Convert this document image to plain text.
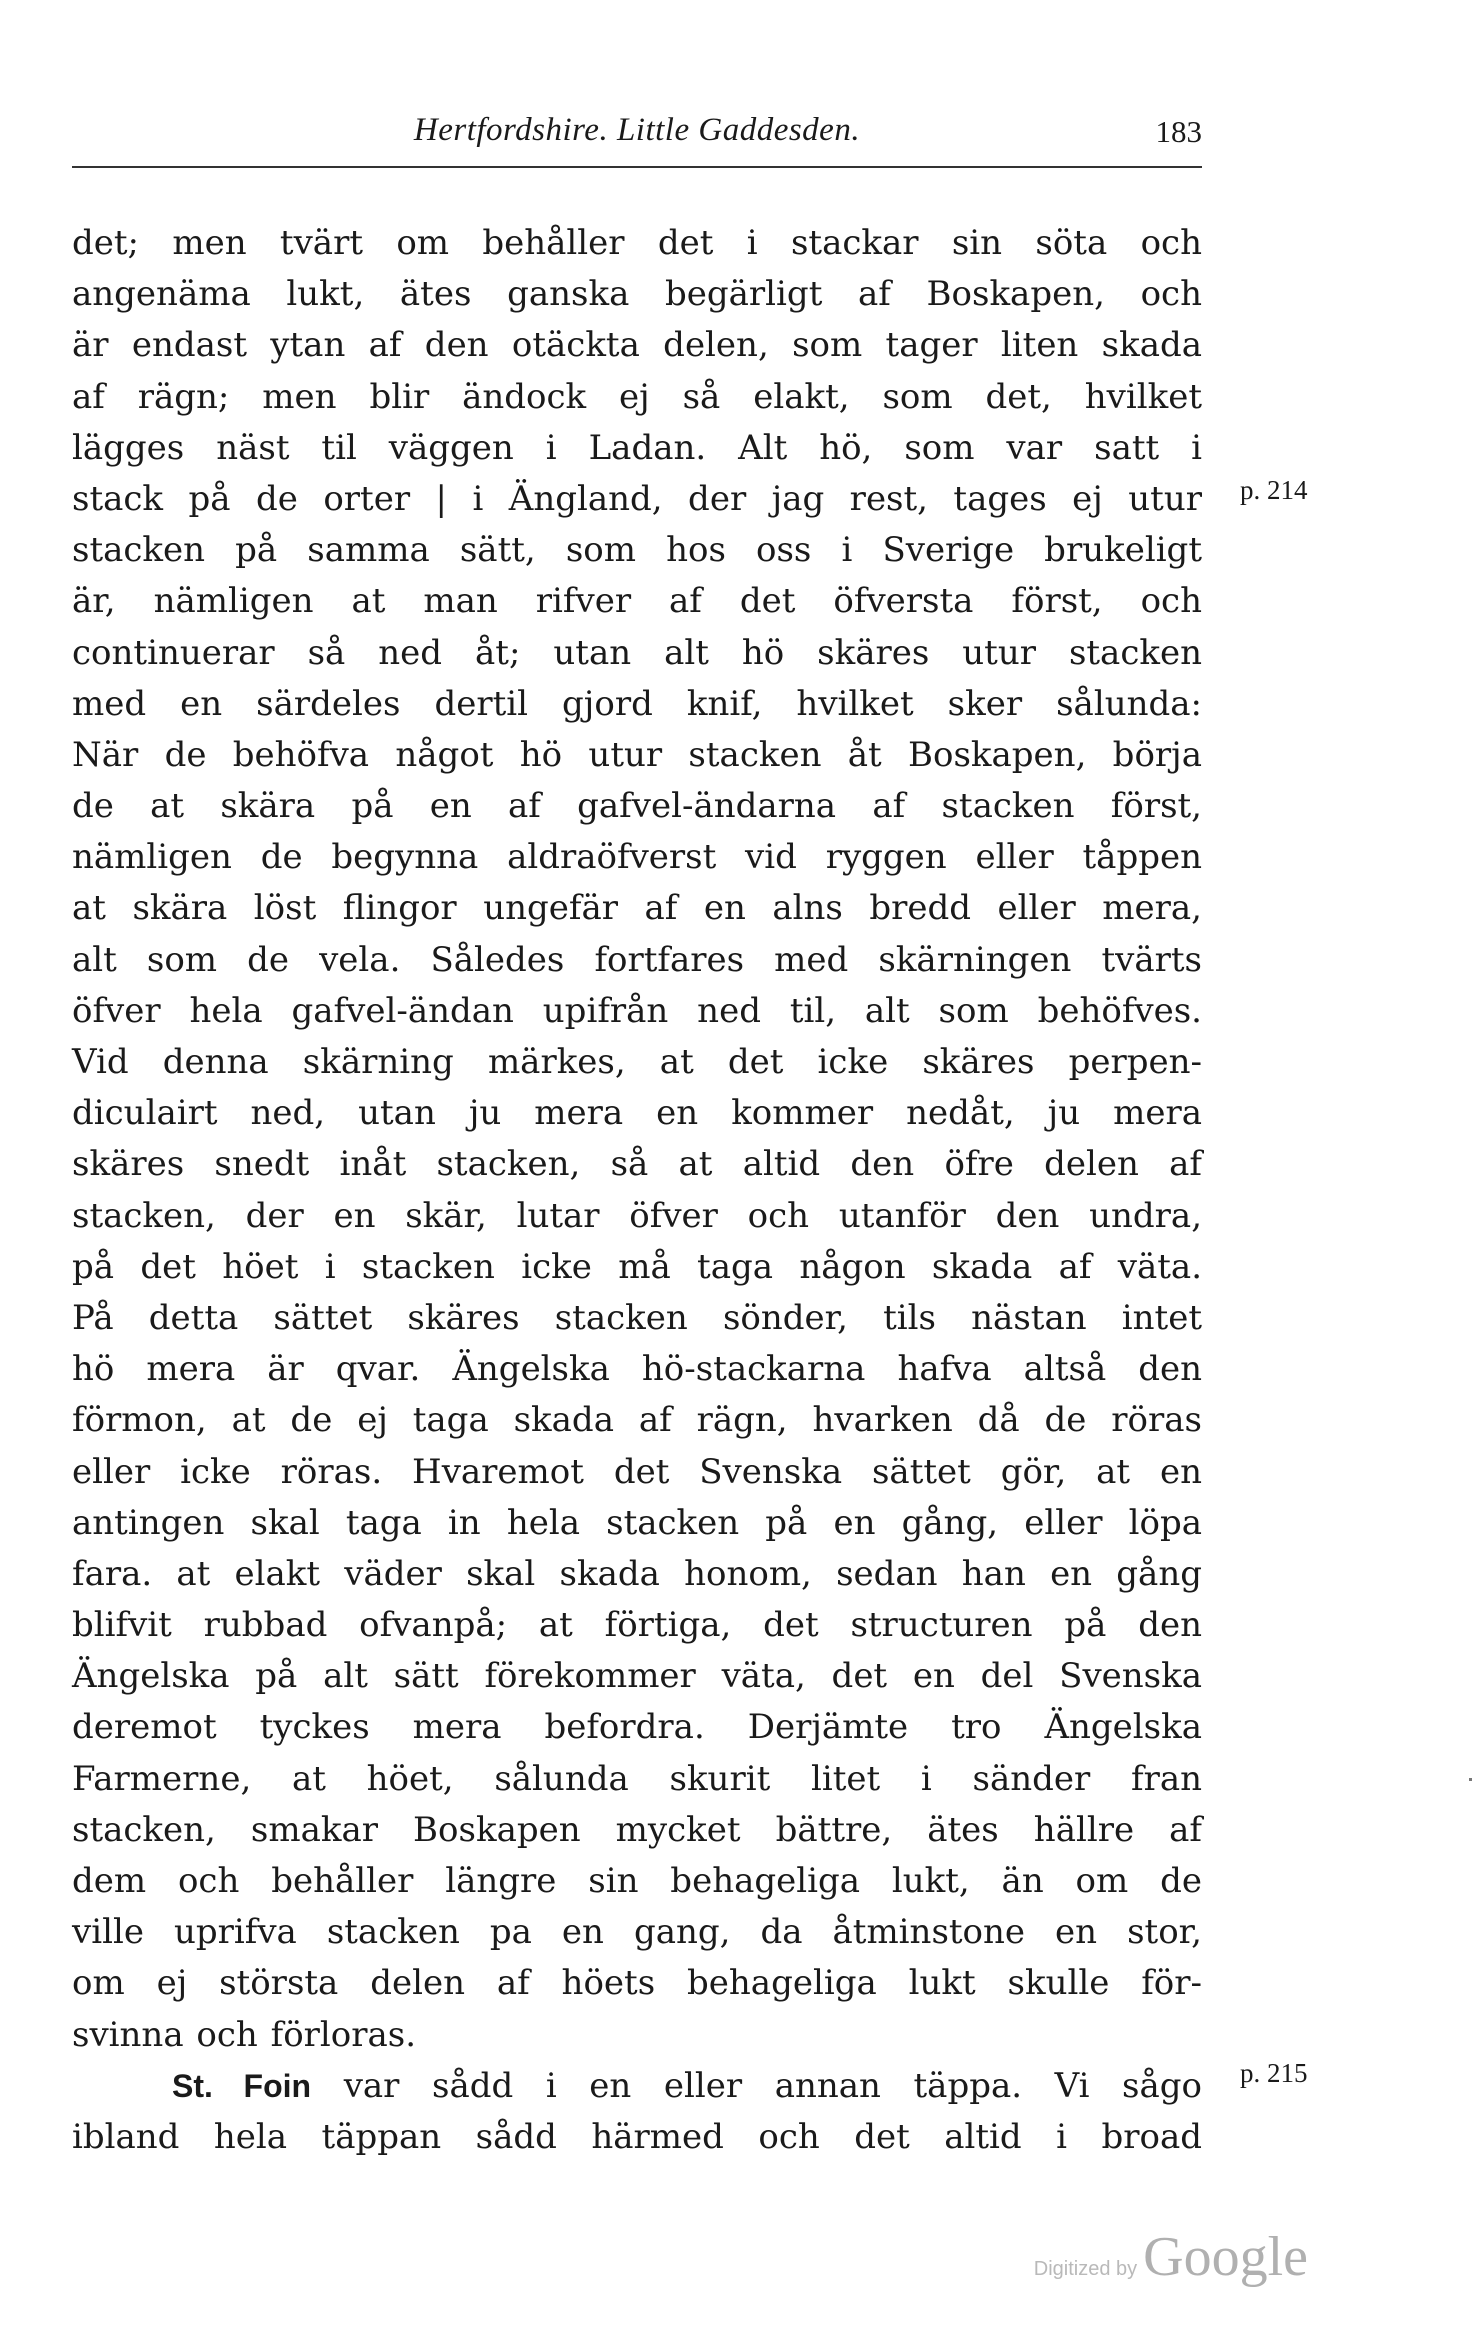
Hertfordshire. Little Gaddesden.	183
det; men tvärt om behåller det i stackar sin söta och
angenäma lukt, ätes ganska begärligt af Boskapen, och
är endast ytan af den otäckta delen, som tager liten skada
af rägn; men blir ändock ej så elakt, som det, hvilket
lägges näst til väggen i Ladan. Alt hö, som var satt i
stack på de orter | i Ängland, der jag rest, tages ej utur
stacken på samma sätt, som hos oss i Sverige brukeligt
är, nämligen at man rifver af det öfversta först, och
continuerar så ned åt; utan alt hö skäres utur stacken
med en särdeles dertil gjord knif, hvilket sker sålunda:
När de behöfva något hö utur stacken åt Boskapen, börja
de at skära på en af gafvel-ändarna af stacken först,
nämligen de begynna aldraöfverst vid ryggen eller tåppen
at skära löst flingor ungefär af en alns bredd eller mera,
alt som de vela. Således fortfares med skärningen tvärts
öfver hela gafvel-ändan upifrån ned til, alt som behöfves.
Vid denna skärning märkes, at det icke skäres perpen-
diculairt ned, utan ju mera en kommer nedåt, ju mera
skäres snedt inåt stacken, så at altid den öfre delen af
stacken, der en skär, lutar öfver och utanför den undra,
på det höet i stacken icke må taga någon skada af väta.
På detta sättet skäres stacken sönder, tils nästan intet
hö mera är qvar. Ängelska hö-stackarna hafva altså den
förmon, at de ej taga skada af rägn, hvarken då de röras
eller icke röras. Hvaremot det Svenska sättet gör, at en
antingen skal taga in hela stacken på en gång, eller löpa
fara. at elakt väder skal skada honom, sedan han en gång
blifvit rubbad ofvanpå; at förtiga, det structuren på den
Ängelska på alt sätt förekommer väta, det en del Svenska
deremot tyckes mera befordra. Derjämte tro Ängelska
Farmerne, at höet, sålunda skurit litet i sänder fran
stacken, smakar Boskapen mycket bättre, ätes hällre af
dem och behåller längre sin behageliga lukt, än om de
ville uprifva stacken pa en gang, da åtminstone en stor,
om ej största delen af höets behageliga lukt skulle för-
svinna och förloras.
St. Foin var sådd i en eller annan täppa. Vi sågo
ibland hela täppan sådd härmed och det altid i broad
p. 214
p. 215
Digitized by Google
